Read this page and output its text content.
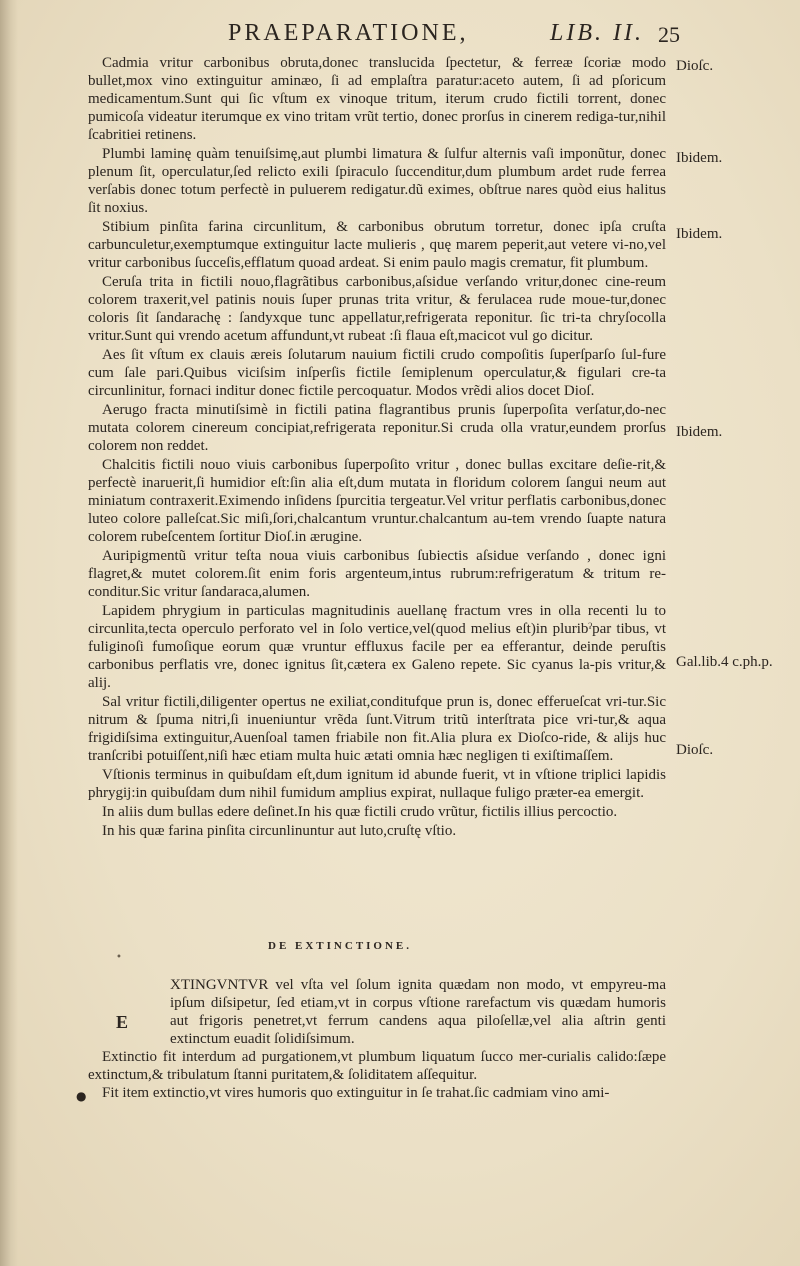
PRAEPARATIONE,	LIB. II. 25

Cadmia vritur carbonibus obruta,donec translucida ſpectetur, & ferreæ ſcoriæ modo bullet,mox vino extinguitur aminæo, ſi ad emplaſtra paratur:aceto autem, ſi ad pſoricum medicamentum.Sunt qui ſic vſtum ex vinoque tritum, iterum crudo fictili torrent, donec pumicoſa videatur iterumque ex vino tritam vrũt tertio, donec prorſus in cinerem rediga-tur,nihil ſcabritiei retinens.

Plumbi laminę quàm tenuiſsimę,aut plumbi limatura & ſulfur alternis vaſi imponũtur, donec plenum ſit, operculatur,ſed relicto exili ſpiraculo ſuccenditur,dum plumbum ardet rude ferrea verſabis donec totum perfectè in puluerem redigatur.dũ eximes, obſtrue nares quòd eius halitus ſit noxius.

Stibium pinſita farina circunlitum, & carbonibus obrutum torretur, donec ipſa cruſta carbunculetur,exemptumque extinguitur lacte mulieris , quę marem peperit,aut vetere vi-no,vel vritur carbonibus ſucceſis,efflatum quoad ardeat. Si enim paulo magis crematur, fit plumbum.

Ceruſa trita in fictili nouo,flagrãtibus carbonibus,aſsidue verſando vritur,donec cine-reum colorem traxerit,vel patinis nouis ſuper prunas trita vritur, & ferulacea rude moue-tur,donec coloris ſit ſandarachę : ſandyxque tunc appellatur,refrigerata reponitur. ſic tri-ta chryſocolla vritur.Sunt qui vrendo acetum affundunt,vt rubeat :ſi flaua eſt,macicot vul go dicitur.

Aes ſit vſtum ex clauis æreis ſolutarum nauium fictili crudo compoſitis ſuperſparſo ſul-fure cum ſale pari.Quibus viciſsim inſperſis fictile ſemiplenum operculatur,& figulari cre-ta circunlinitur, fornaci inditur donec fictile percoquatur. Modos vrẽdi alios docet Dioſ.

Aerugo fracta minutiſsimè in fictili patina flagrantibus prunis ſuperpoſita verſatur,do-nec mutata colorem cinereum concipiat,refrigerata reponitur.Si cruda olla vratur,eundem prorſus colorem non reddet.

Chalcitis fictili nouo viuis carbonibus ſuperpoſito vritur , donec bullas excitare deſie-rit,& perfectè inaruerit,ſi humidior eſt:ſin alia eſt,dum mutata in floridum colorem ſangui neum aut miniatum contraxerit.Eximendo inſidens ſpurcitia tergeatur.Vel vritur perflatis carbonibus,donec luteo colore palleſcat.Sic miſi,ſori,chalcantum vruntur.chalcantum au-tem vrendo ſuapte natura colorem rubeſcentem ſortitur Dioſ.in ærugine.

Auripigmentũ vritur teſta noua viuis carbonibus ſubiectis aſsidue verſando , donec igni flagret,& mutet colorem.ſit enim foris argenteum,intus rubrum:refrigeratum & tritum re-conditur.Sic vritur ſandaraca,alumen.

Lapidem phrygium in particulas magnitudinis auellanę fractum vres in olla recenti lu to circunlita,tecta operculo perforato vel in ſolo vertice,vel(quod melius eſt)in pluribˀpar tibus, vt fuliginoſi fumoſique eorum quæ vruntur effluxus facile per ea efferantur, deinde peruſtis carbonibus perflatis vre, donec ignitus ſit,cætera ex Galeno repete. Sic cyanus la-pis vritur,& alij.

Sal vritur fictili,diligenter opertus ne exiliat,conditufque prun is, donec efferueſcat vri-tur.Sic nitrum & ſpuma nitri,ſi inueniuntur vrẽda ſunt.Vitrum tritũ interſtrata pice vri-tur,& aqua frigidiſsima extinguitur,Auenſoal tamen friabile non fit.Alia plura ex Dioſco-ride, & alijs huc tranſcribi potuiſſent,niſi hæc etiam multa huic ætati omnia hæc negligen ti exiſtimaſſem.

Vſtionis terminus in quibuſdam eſt,dum ignitum id abunde fuerit, vt in vſtione triplici lapidis phrygij:in quibuſdam dum nihil fumidum amplius expirat, nullaque fuligo præter-ea emergit.

In aliis dum bullas edere deſinet.In his quæ fictili crudo vrũtur, fictilis illius percoctio.

In his quæ farina pinſita circunlinuntur aut luto,cruſtę vſtio.

Dioſc.
Ibidem.
Ibidem.
Ibidem.
Gal.lib.4 c.ph.p.
Dioſc.
DE EXTINCTIONE.
•
E

XTINGVNTVR vel vſta vel ſolum ignita quædam non modo, vt empyreu-ma ipſum diſsipetur, ſed etiam,vt in corpus vſtione rarefactum vis quædam humoris aut frigoris penetret,vt ferrum candens aqua piloſellæ,vel alia aſtrin genti extinctum euadit ſolidiſsimum.

Extinctio fit interdum ad purgationem,vt plumbum liquatum ſucco mer-curialis calido:ſæpe extinctum,& tribulatum ſtanni puritatem,& ſoliditatem aſſequitur.

Fit item extinctio,vt vires humoris quo extinguitur in ſe trahat.ſic cadmiam vino ami-

●
